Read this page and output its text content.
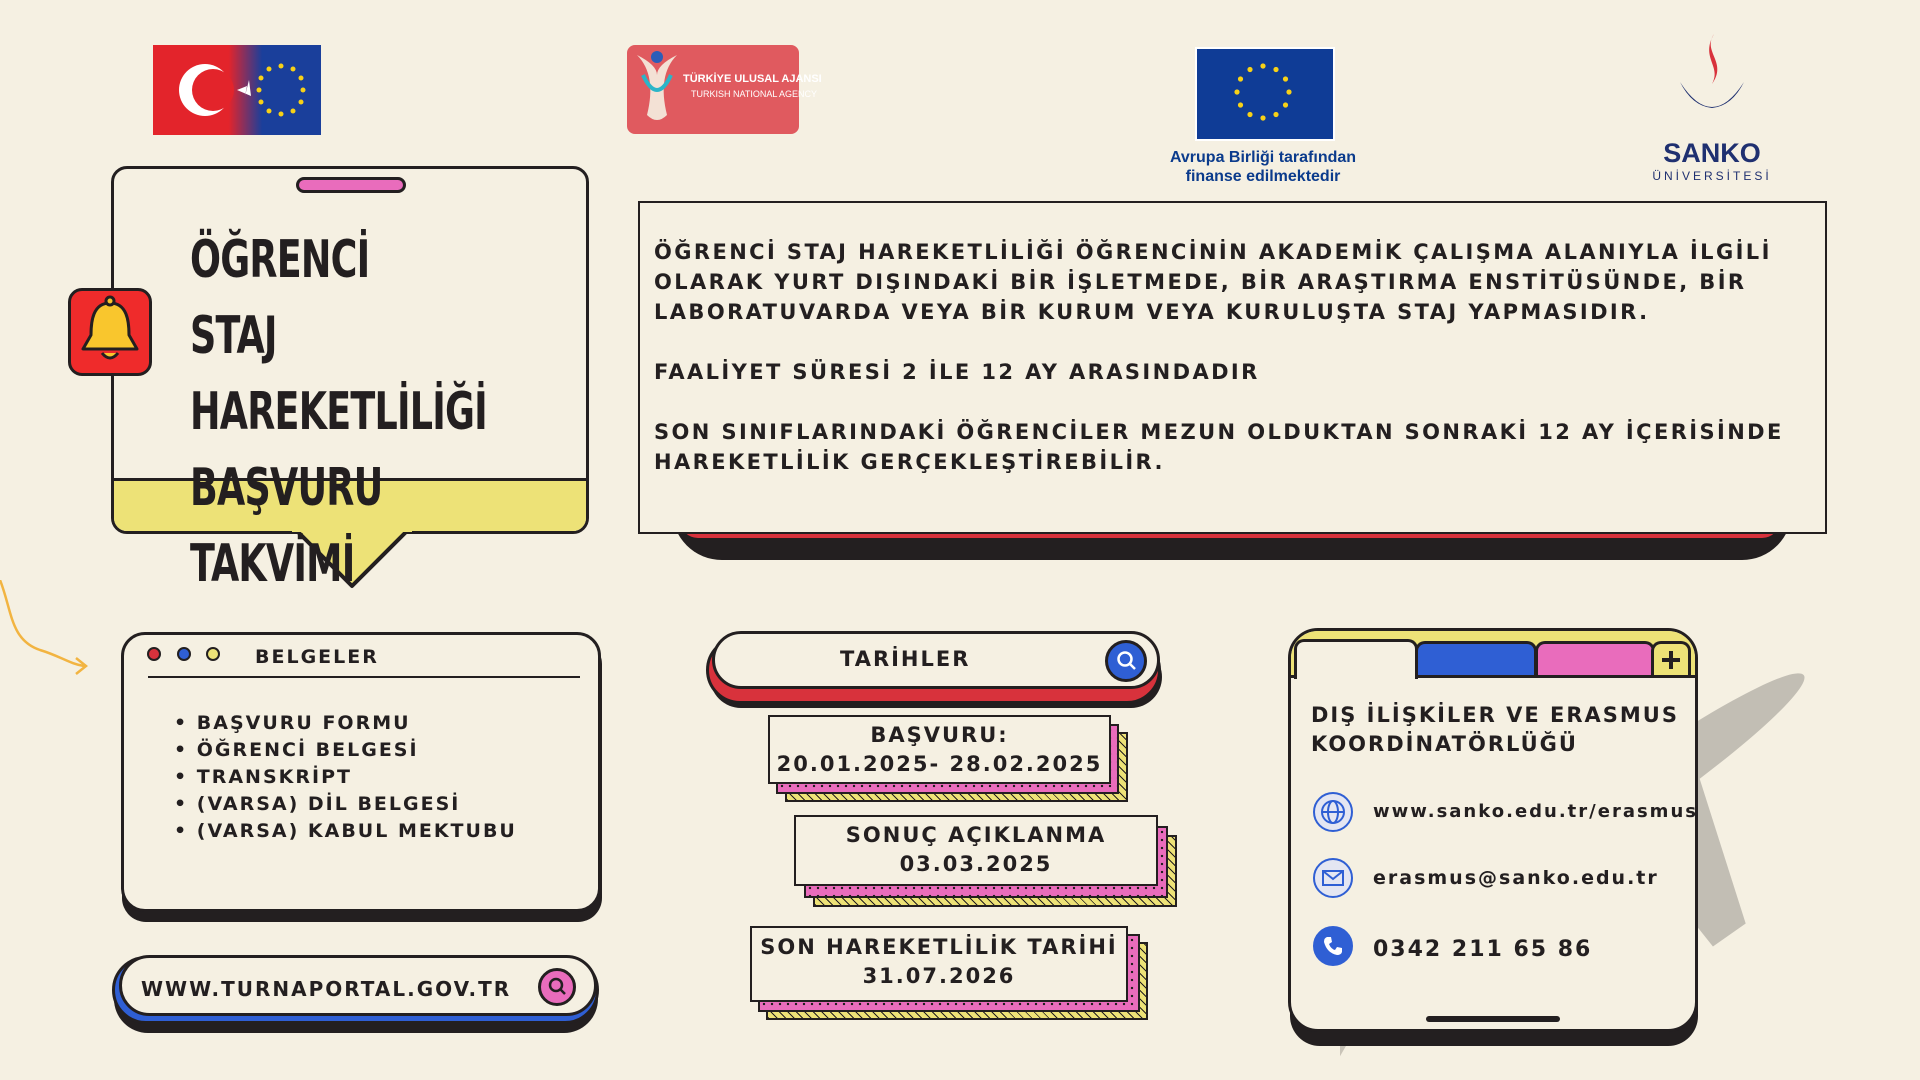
TÜRKİYE ULUSAL AJANSI
TURKISH NATIONAL AGENCY
Avrupa Birliği tarafından
finanse edilmektedir
SANKO
ÜNİVERSİTESİ
ÖĞRENCİ
STAJ HAREKETLİLİĞİ
BAŞVURU TAKVİMİ

ÖĞRENCİ STAJ HAREKETLİLİĞİ ÖĞRENCİNİN AKADEMİK ÇALIŞMA ALANIYLA İLGİLİ OLARAK YURT DIŞINDAKİ BİR İŞLETMEDE, BİR ARAŞTIRMA ENSTİTÜSÜNDE, BİR LABORATUVARDA VEYA BİR KURUM VEYA KURULUŞTA STAJ YAPMASIDIR.

FAALİYET SÜRESİ 2 İLE 12 AY ARASINDADIR

SON SINIFLARINDAKİ ÖĞRENCİLER MEZUN OLDUKTAN SONRAKİ 12 AY İÇERİSİNDE HAREKETLİLİK GERÇEKLEŞTİREBİLİR.

BELGELER
• BAŞVURU FORMU
• ÖĞRENCİ BELGESİ
• TRANSKRİPT
• (VARSA) DİL BELGESİ
• (VARSA) KABUL MEKTUBU
WWW.TURNAPORTAL.GOV.TR
TARİHLER
BAŞVURU:
20.01.2025- 28.02.2025
SONUÇ AÇIKLANMA
03.03.2025
SON HAREKETLİLİK TARİHİ
31.07.2026
DIŞ İLİŞKİLER VE ERASMUS
KOORDİNATÖRLÜĞÜ
www.sanko.edu.tr/erasmus
erasmus@sanko.edu.tr
0342 211 65 86
